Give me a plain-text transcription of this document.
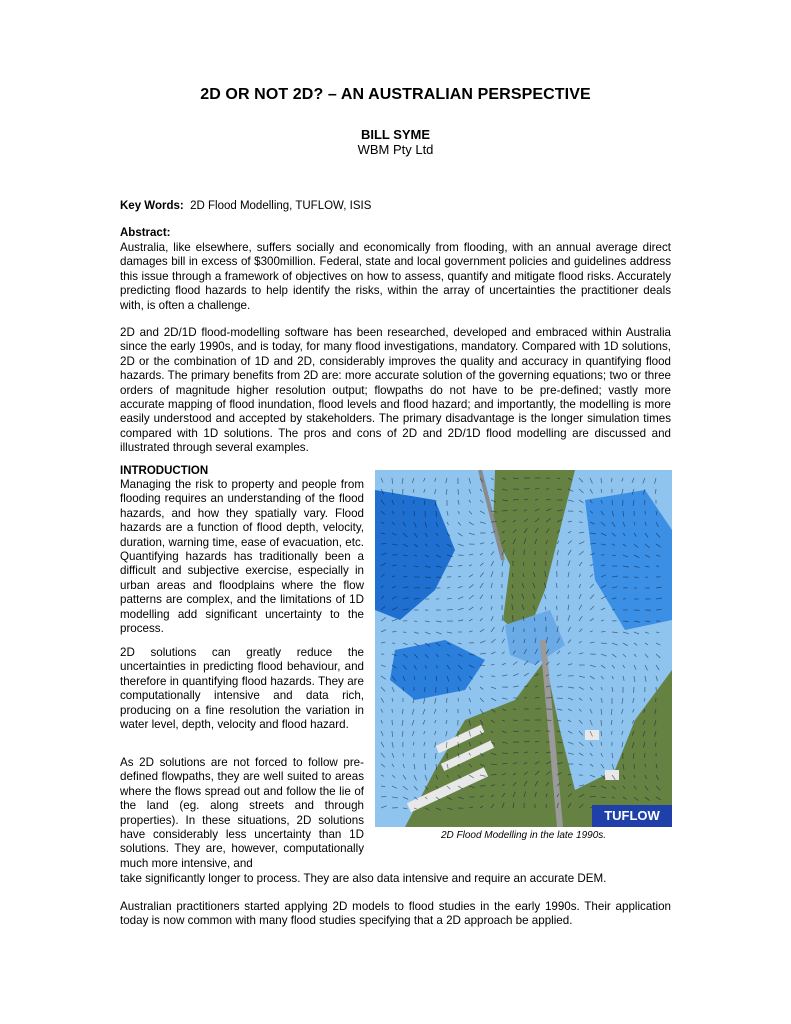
2D OR NOT 2D? – AN AUSTRALIAN PERSPECTIVE
BILL SYME
WBM Pty Ltd
Key Words: 2D Flood Modelling, TUFLOW, ISIS
Abstract:

Australia, like elsewhere, suffers socially and economically from flooding, with an annual average direct damages bill in excess of $300million. Federal, state and local government policies and guidelines address this issue through a framework of objectives on how to assess, quantify and mitigate flood risks. Accurately predicting flood hazards to help identify the risks, within the array of uncertainties the practitioner deals with, is often a challenge.

2D and 2D/1D flood-modelling software has been researched, developed and embraced within Australia since the early 1990s, and is today, for many flood investigations, mandatory. Compared with 1D solutions, 2D or the combination of 1D and 2D, considerably improves the quality and accuracy in quantifying flood hazards. The primary benefits from 2D are: more accurate solution of the governing equations; two or three orders of magnitude higher resolution output; flowpaths do not have to be pre-defined; vastly more accurate mapping of flood inundation, flood levels and flood hazard; and importantly, the modelling is more easily understood and accepted by stakeholders. The primary disadvantage is the longer simulation times compared with 1D solutions. The pros and cons of 2D and 2D/1D flood modelling are discussed and illustrated through several examples.

INTRODUCTION

Managing the risk to property and people from flooding requires an understanding of the flood hazards, and how they spatially vary. Flood hazards are a function of flood depth, velocity, duration, warning time, ease of evacuation, etc. Quantifying hazards has traditionally been a difficult and subjective exercise, especially in urban areas and floodplains where the flow patterns are complex, and the limitations of 1D modelling add significant uncertainty to the process.

2D solutions can greatly reduce the uncertainties in predicting flood behaviour, and therefore in quantifying flood hazards. They are computationally intensive and data rich, producing on a fine resolution the variation in water level, depth, velocity and flood hazard.

As 2D solutions are not forced to follow pre-defined flowpaths, they are well suited to areas where the flows spread out and follow the lie of the land (eg. along streets and through properties). In these situations, 2D solutions have considerably less uncertainty than 1D solutions. They are, however, computationally much more intensive, and

take significantly longer to process. They are also data intensive and require an accurate DEM.

Australian practitioners started applying 2D models to flood studies in the early 1990s. Their application today is now common with many flood studies specifying that a 2D approach be applied.

TUFLOW
2D Flood Modelling in the late 1990s.
